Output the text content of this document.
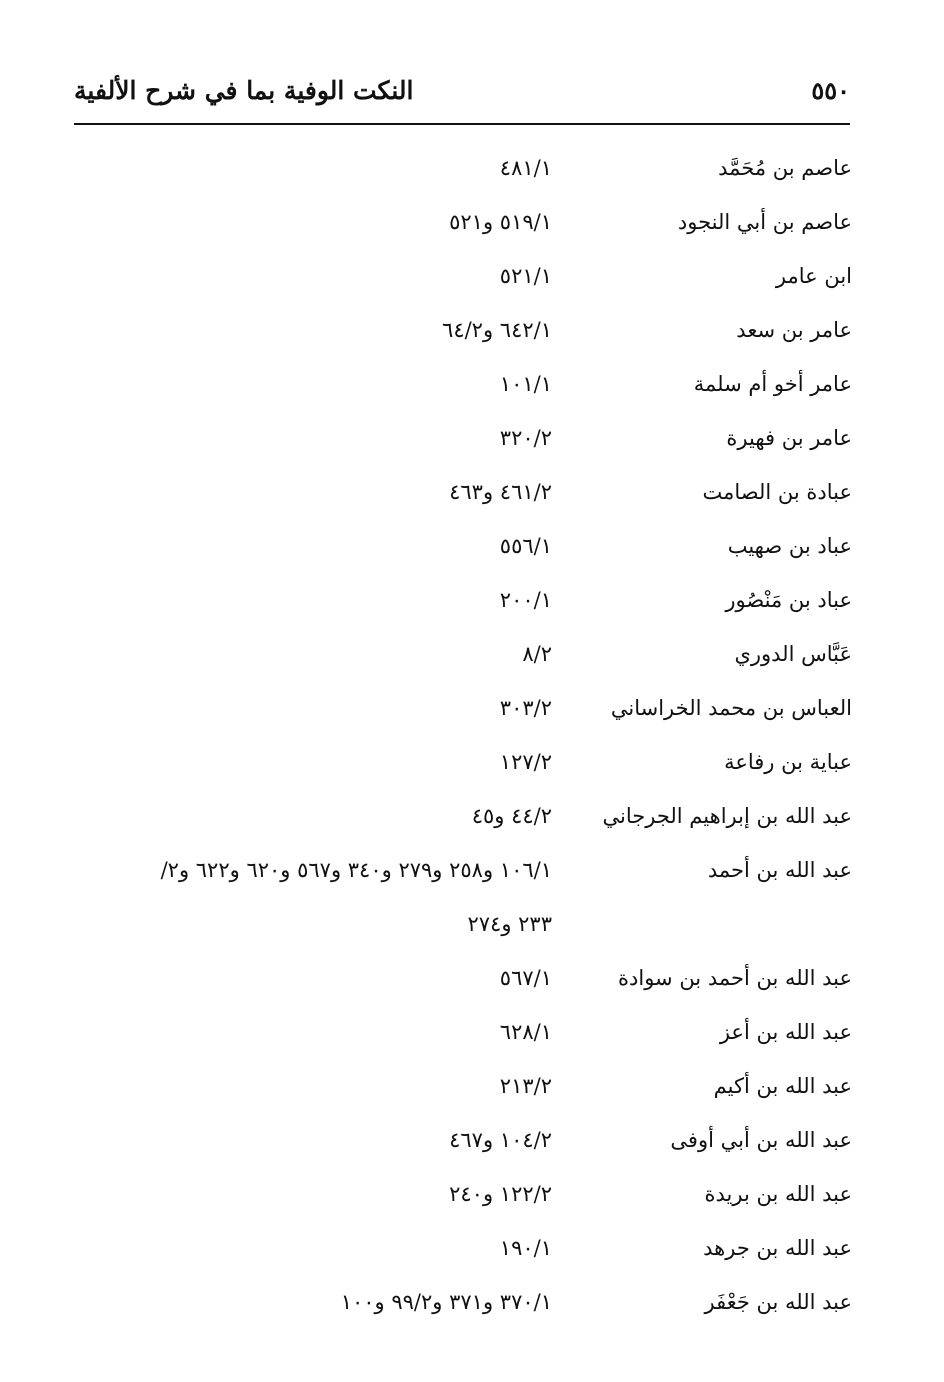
النكت الوفية بما في شرح الألفية	٥٥٠
عاصم بن مُحَمَّد
٤٨١/١
عاصم بن أبي النجود
٥١٩/١ و٥٢١
ابن عامر
٥٢١/١
عامر بن سعد
٦٤٢/١ و٦٤/٢
عامر أخو أم سلمة
١٠١/١
عامر بن فهيرة
٣٢٠/٢
عبادة بن الصامت
٤٦١/٢ و٤٦٣
عباد بن صهيب
٥٥٦/١
عباد بن مَنْصُور
٢٠٠/١
عَبَّاس الدوري
٨/٢
العباس بن محمد الخراساني
٣٠٣/٢
عباية بن رفاعة
١٢٧/٢
عبد الله بن إبراهيم الجرجاني
٤٤/٢ و٤٥
عبد الله بن أحمد
١٠٦/١ و٢٥٨ و٢٧٩ و٣٤٠ و٥٦٧ و٦٢٠ و٦٢٢ و٢/
٢٣٣ و٢٧٤
عبد الله بن أحمد بن سوادة
٥٦٧/١
عبد الله بن أعز
٦٢٨/١
عبد الله بن أكيم
٢١٣/٢
عبد الله بن أبي أوفى
١٠٤/٢ و٤٦٧
عبد الله بن بريدة
١٢٢/٢ و٢٤٠
عبد الله بن جرهد
١٩٠/١
عبد الله بن جَعْفَر
٣٧٠/١ و٣٧١ و٩٩/٢ و١٠٠
